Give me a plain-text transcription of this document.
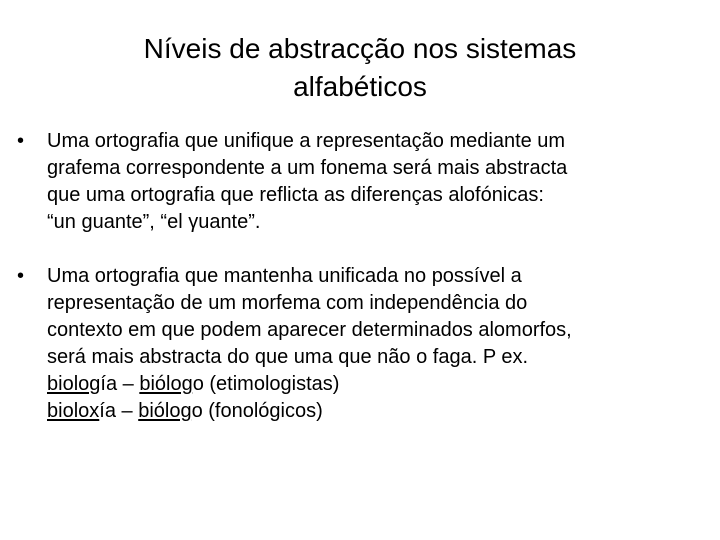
Níveis de abstracção nos sistemas
alfabéticos
•	Uma ortografia que unifique a representação mediante um
grafema correspondente a um fonema será mais abstracta
que uma ortografia que reflicta as diferenças alofónicas:
“un guante”, “el γuante”.
•	Uma ortografia que mantenha unificada no possível a
representação de um morfema com independência do
contexto em que podem aparecer determinados alomorfos,
será mais abstracta do que uma que não o faga. P ex.
biología – biólogo (etimologistas)
bioloxía – biólogo (fonológicos)
